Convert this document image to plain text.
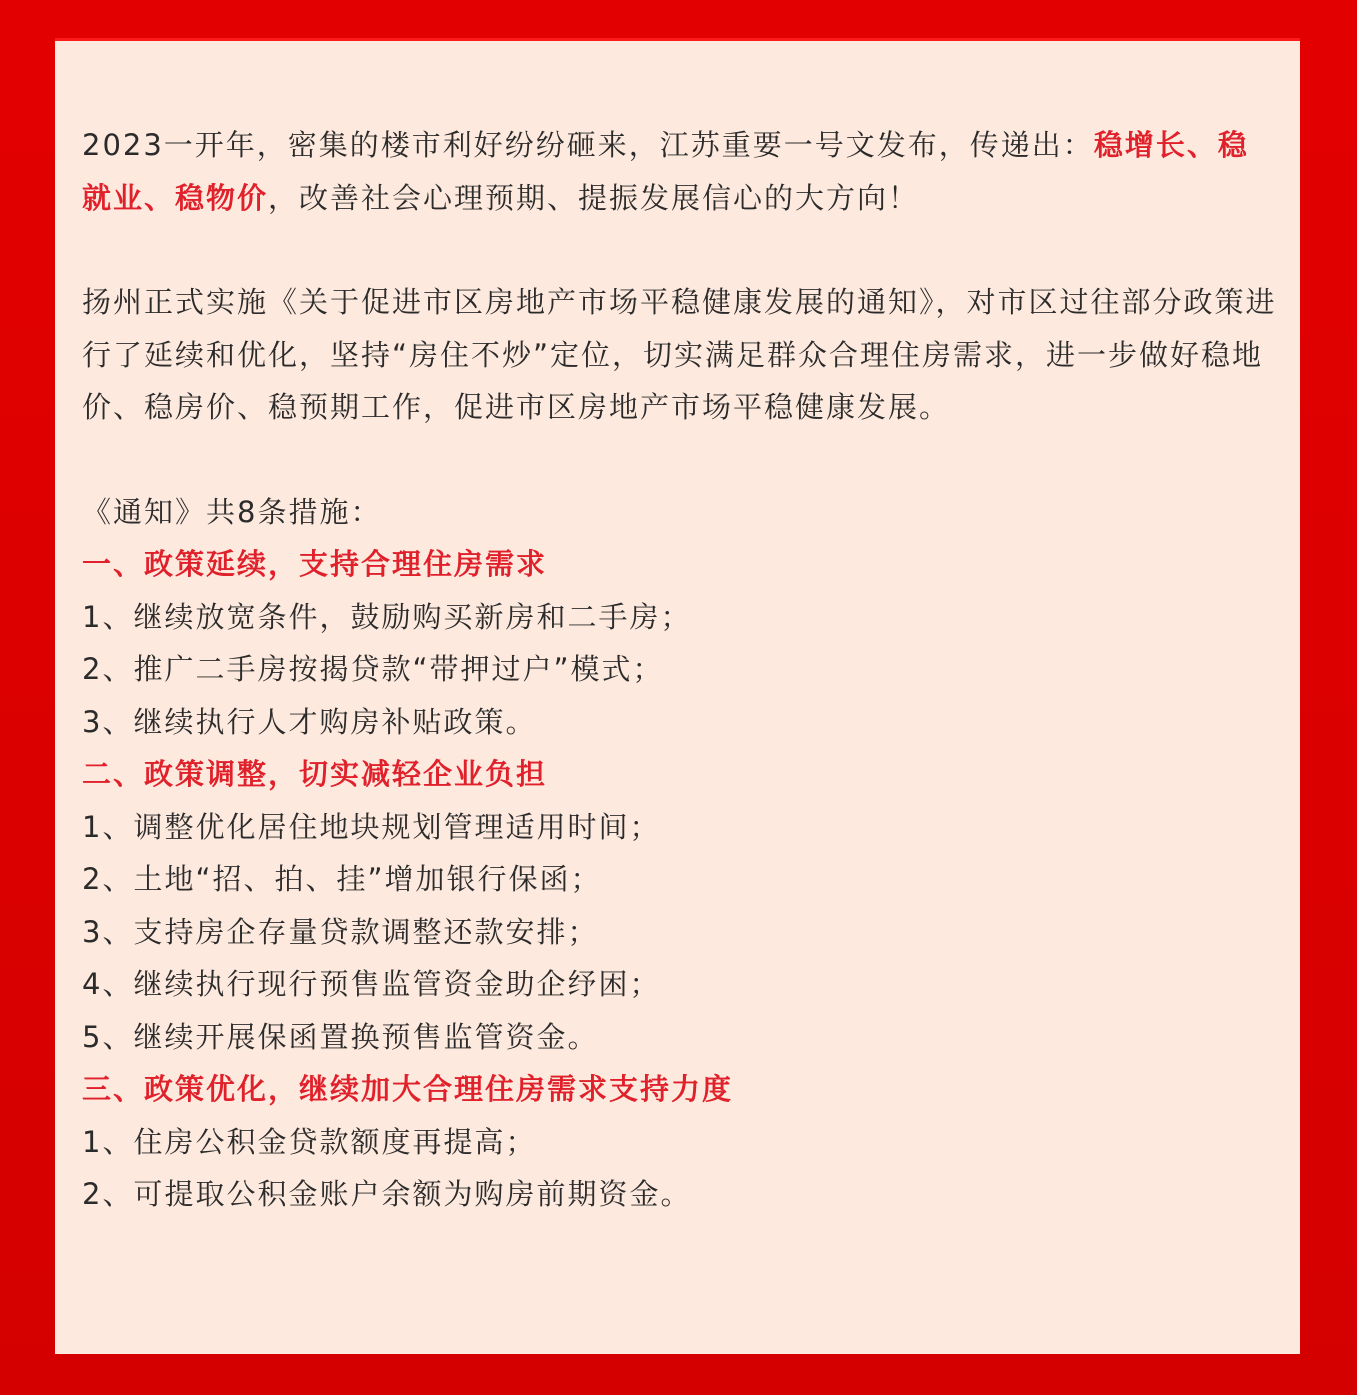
2023一开年，密集的楼市利好纷纷砸来，江苏重要一号文发布，传递出：稳增长、稳就业、稳物价，改善社会心理预期、提振发展信心的大方向！

扬州正式实施《关于促进市区房地产市场平稳健康发展的通知》，对市区过往部分政策进行了延续和优化，坚持“房住不炒”定位，切实满足群众合理住房需求，进一步做好稳地价、稳房价、稳预期工作，促进市区房地产市场平稳健康发展。

《通知》共8条措施：

一、政策延续，支持合理住房需求

1、继续放宽条件，鼓励购买新房和二手房；

2、推广二手房按揭贷款“带押过户”模式；

3、继续执行人才购房补贴政策。

二、政策调整，切实减轻企业负担

1、调整优化居住地块规划管理适用时间；

2、土地“招、拍、挂”增加银行保函；

3、支持房企存量贷款调整还款安排；

4、继续执行现行预售监管资金助企纾困；

5、继续开展保函置换预售监管资金。

三、政策优化，继续加大合理住房需求支持力度

1、住房公积金贷款额度再提高；

2、可提取公积金账户余额为购房前期资金。
